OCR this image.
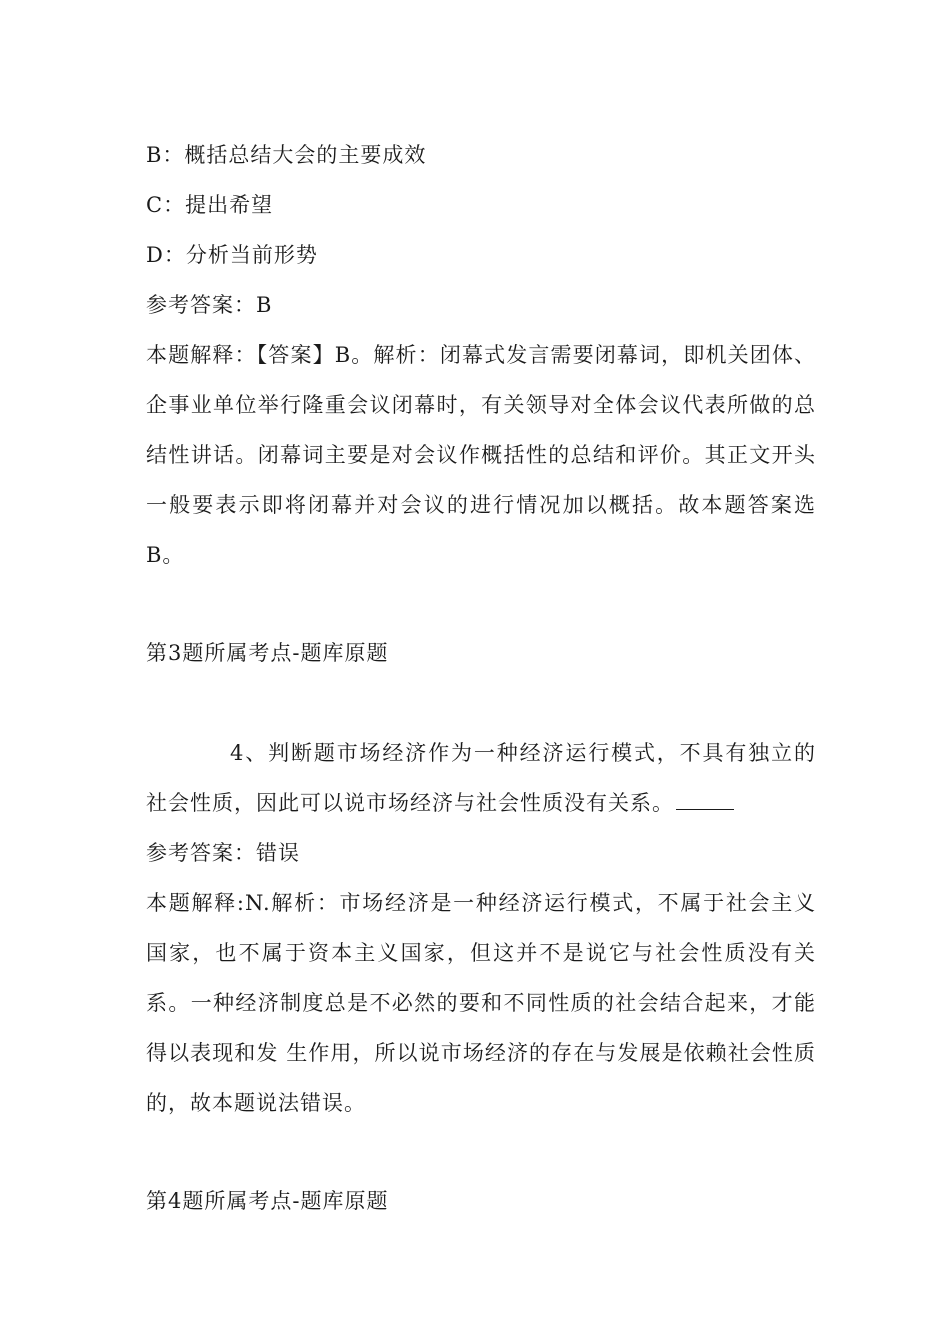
B：概括总结大会的主要成效
C：提出希望
D：分析当前形势
参考答案：B
本题解释：【答案】B。解析：闭幕式发言需要闭幕词，即机关团体、企事业单位举行隆重会议闭幕时，有关领导对全体会议代表所做的总结性讲话。闭幕词主要是对会议作概括性的总结和评价。其正文开头一般要表示即将闭幕并对会议的进行情况加以概括。故本题答案选B。
第3题所属考点-题库原题
4、判断题市场经济作为一种经济运行模式，不具有独立的社会性质，因此可以说市场经济与社会性质没有关系。
参考答案：错误
本题解释:N.解析：市场经济是一种经济运行模式，不属于社会主义国家，也不属于资本主义国家，但这并不是说它与社会性质没有关系。一种经济制度总是不必然的要和不同性质的社会结合起来，才能得以表现和发 生作用，所以说市场经济的存在与发展是依赖社会性质的，故本题说法错误。
第4题所属考点-题库原题
